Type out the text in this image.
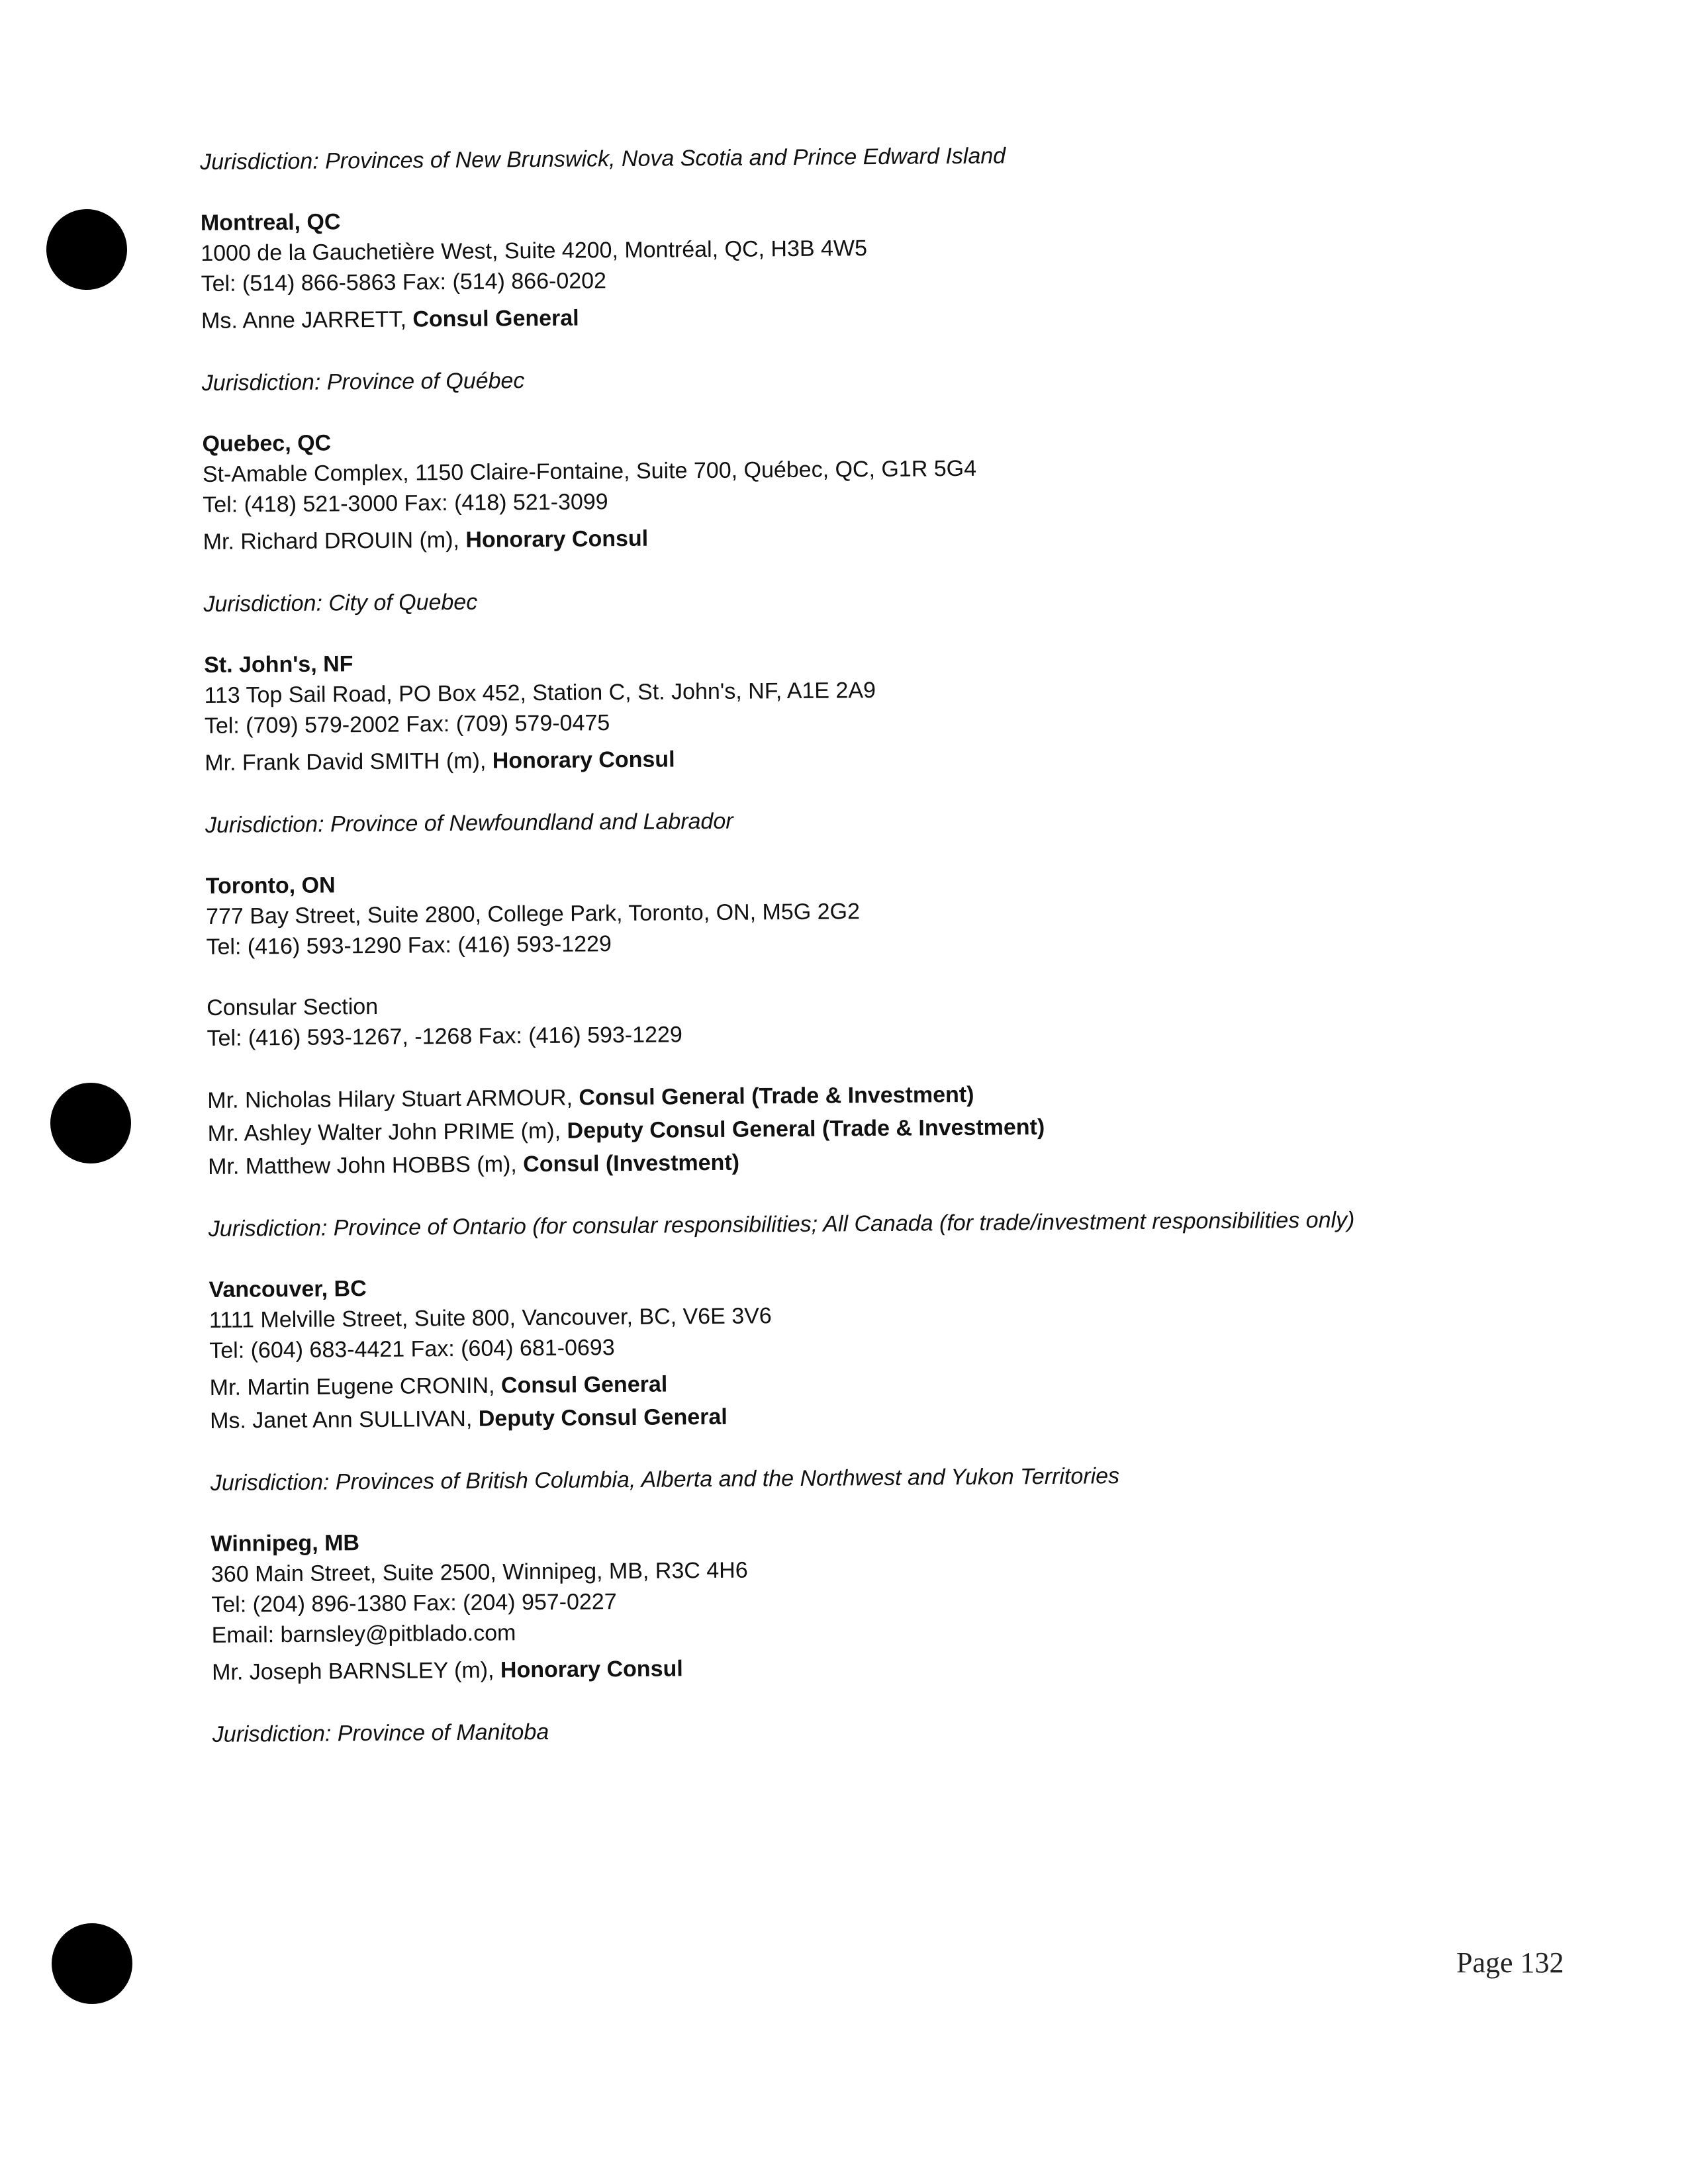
Jurisdiction: Provinces of New Brunswick, Nova Scotia and Prince Edward Island
Montreal, QC
1000 de la Gauchetière West, Suite 4200, Montréal, QC, H3B 4W5
Tel: (514) 866-5863 Fax: (514) 866-0202
Ms. Anne JARRETT, Consul General
Jurisdiction: Province of Québec
Quebec, QC
St-Amable Complex, 1150 Claire-Fontaine, Suite 700, Québec, QC, G1R 5G4
Tel: (418) 521-3000 Fax: (418) 521-3099
Mr. Richard DROUIN (m), Honorary Consul
Jurisdiction: City of Quebec
St. John's, NF
113 Top Sail Road, PO Box 452, Station C, St. John's, NF, A1E 2A9
Tel: (709) 579-2002 Fax: (709) 579-0475
Mr. Frank David SMITH (m), Honorary Consul
Jurisdiction: Province of Newfoundland and Labrador
Toronto, ON
777 Bay Street, Suite 2800, College Park, Toronto, ON, M5G 2G2
Tel: (416) 593-1290 Fax: (416) 593-1229
Consular Section
Tel: (416) 593-1267, -1268 Fax: (416) 593-1229
Mr. Nicholas Hilary Stuart ARMOUR, Consul General (Trade & Investment)
Mr. Ashley Walter John PRIME (m), Deputy Consul General (Trade & Investment)
Mr. Matthew John HOBBS (m), Consul (Investment)
Jurisdiction: Province of Ontario (for consular responsibilities; All Canada (for trade/investment responsibilities only)
Vancouver, BC
1111 Melville Street, Suite 800, Vancouver, BC, V6E 3V6
Tel: (604) 683-4421 Fax: (604) 681-0693
Mr. Martin Eugene CRONIN, Consul General
Ms. Janet Ann SULLIVAN, Deputy Consul General
Jurisdiction: Provinces of British Columbia, Alberta and the Northwest and Yukon Territories
Winnipeg, MB
360 Main Street, Suite 2500, Winnipeg, MB, R3C 4H6
Tel: (204) 896-1380 Fax: (204) 957-0227
Email: barnsley@pitblado.com
Mr. Joseph BARNSLEY (m), Honorary Consul
Jurisdiction: Province of Manitoba
Page 132
